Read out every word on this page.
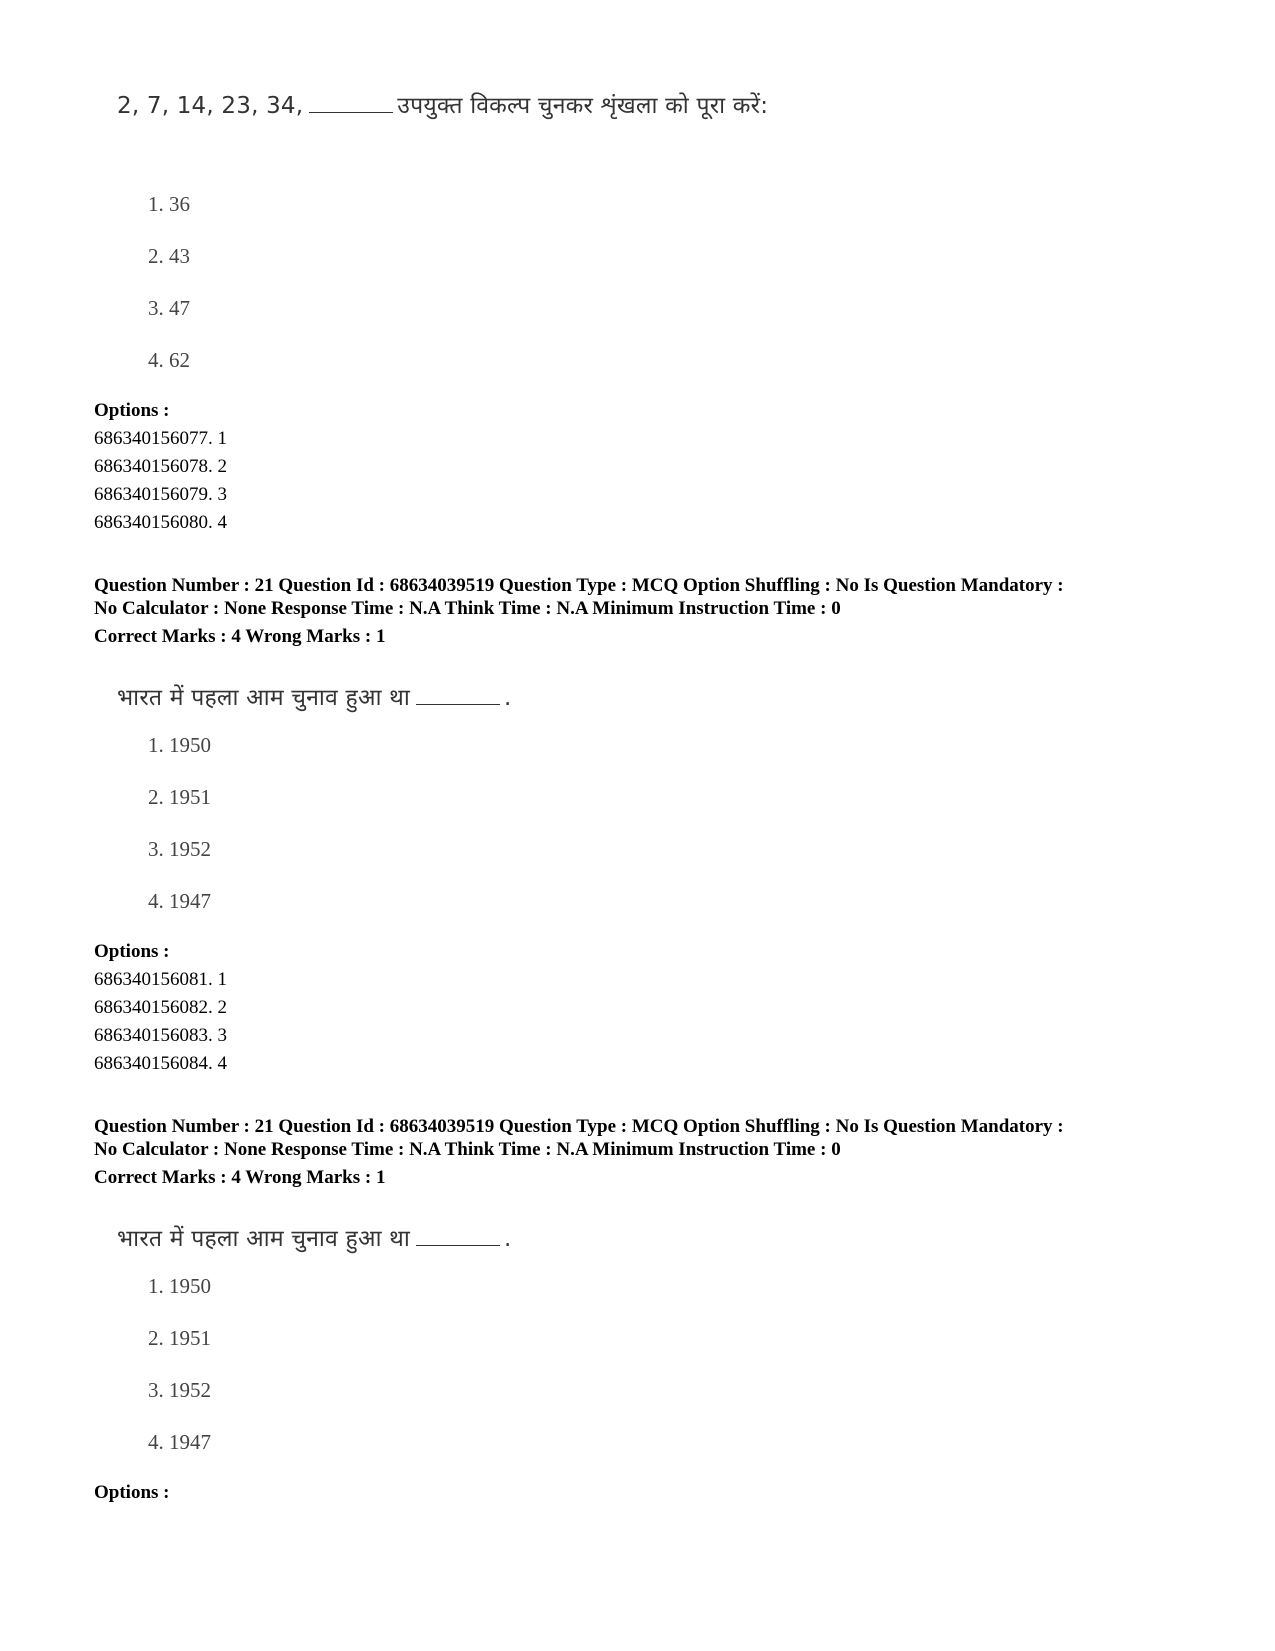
2, 7, 14, 23, 34,	उपयुक्त विकल्प चुनकर शृंखला को पूरा करें:
1. 36
2. 43
3. 47
4. 62
Options :
686340156077. 1
686340156078. 2
686340156079. 3
686340156080. 4
Question Number : 21 Question Id : 68634039519 Question Type : MCQ Option Shuffling : No Is Question Mandatory :
No Calculator : None Response Time : N.A Think Time : N.A Minimum Instruction Time : 0
Correct Marks : 4 Wrong Marks : 1
भारत में पहला आम चुनाव हुआ था	.
1. 1950
2. 1951
3. 1952
4. 1947
Options :
686340156081. 1
686340156082. 2
686340156083. 3
686340156084. 4
Question Number : 21 Question Id : 68634039519 Question Type : MCQ Option Shuffling : No Is Question Mandatory :
No Calculator : None Response Time : N.A Think Time : N.A Minimum Instruction Time : 0
Correct Marks : 4 Wrong Marks : 1
भारत में पहला आम चुनाव हुआ था	.
1. 1950
2. 1951
3. 1952
4. 1947
Options :
